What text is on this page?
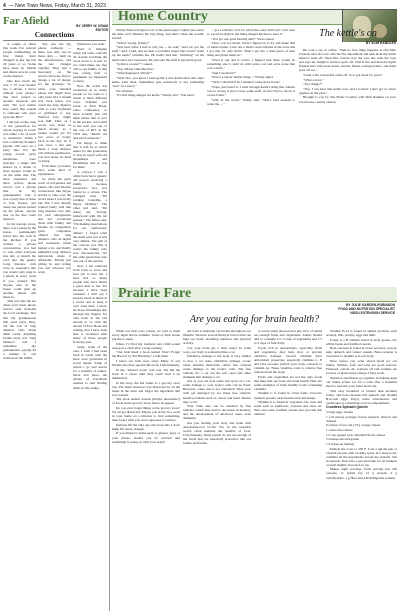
4 — New Town News, Friday, March 31, 2023
Far Afield	BY JERRY W. KRAM
EDITOR
Connections

A couple of times this week I've noticed people commenting on how things have changed in just the last 20 years or so. Some have been by friends and others were in posts on the internet.

One that struck me was a "If your mother has a phone, I know without your phone." She then turned to another character and said, "Do you realize how weird that sounds to someone who grew up in the 80s?"

I am just on the cusp of the generation for whom staying in touch was either a lot of work or expensive. When I was a child my mother's parents still were on a party line. For the young crowd, party telephones were typically a single line shared by a dozen or more houses would be on the same line. The most expensive and most private phone service was a private line. In my grandparents' case it was a party line of three or four houses, and when one person picked up the phone, anyone else on the line could listen in.

In my teenage years, there was a phone in the house, permanently wired into the wall in the kitchen. If you wanted a private conversation, you had to wait until everyone else left, or stretch the cord into the pantry. Long distance calls were so expensive that you would only plug in a phone in every room if you wanted. But anyone else in the house could pick up another phone and listen in.

That was also the era when your basic phone service only included the local exchange. Not that my grandparents still used party lines, but the cost of long distance calls made them costly. Anything farther away was "long distance" toll. I remember my grandparents paying $4 a minute to call relatives in the 1980s.

Yes, yes, the big phone company — there was only one in those days — built on the infrastructure, and the rate changes together. They had a monopoly on the service and were able to charge a lot of money for the privilege. So when your standard phone bill might have only been $12 a month way back when, you could use long distance calls to your boyfriend or girlfriend to say, Watford City, might cost $48. That, as I recall, was about as much money as a farmer would get for two acres of barley back in the day. So if you were a kid and made a long distance call without permission, you had better be dead or dying.

Even then, you better have some kind of explanation.

So when the great wave of cell phones and phone calls and internet connections like Skype started to take over the world when I was in my late 30s, I was already trained pretty well that long distance was only for real emergencies and not occasional chats with family and friends. As competition grew, companies offered free long distance calls on nights and weekends, which helped a lot, and finally unlimited long distance nationwide made it affordable. Finally just giving in and letting you call whoever you want.

Whenever you want.

Hard to imagine today, but video calls did all around watching the clock down to 9 p.m. so we could make our free call to our family or that rare young lady or gentleman we happened to fancy.

Now the world has connected us so many people so we want to a dozen or more different ways. Whether you tweet, or Face Book, video conference, or even actually just call them phone that is now in the pocket, not bolted to the wall you can, at the cost of RTT in the 1979 suit, "Reach out and touch someone."

I'm happy to think that it will be so much easier for this generation to stay in touch with old friendships and friendships that it was for mine.

A cartoon I saw a while back had a generic old person receiving a family because everyone's face was buried in a screen. The youngest said, "I'm wishing Grandma a happy birthday." The other kid said, "I'm doing my biology homework with my lab partner." The father said, "I'm making reservations for our anniversary dinner." I forgot what the mom said, but it was very similar. The gist of the cartoon was that it wasn't the family who was disconnected, but the older generation who was out of the picture.

Now I am removed from town to town and now job to new job. I have met so many people who have meant a great deal to me. Yet because I have been transient, I can't say I keep in touch as much as I could, and to keep it over even then, I know let those friendships slip through my fingers. It's only been in the last decade or so with the advent of Face Book and texting, that I have been able to reconnect with many of those people from my past.

Sadly, some of the ones I wish I had been back in touch with the most were gravitated in social media. Some of whom I go and search for a handful of names. More and more, the advent of FaceBook seemed to start finding them on life online.

Home Country
The kettle's on
BY SLIM RANDLES

Windy Wilson dropped over at the philosophy counter just about the time we'd finished the bag thing, and that's when the trouble started.

"What's wrong, Windy?"

"Was here feller I had to tell you ... he said, "And we got the stuff." And, I said, and we hear a screamer teapot that would "wake up the kettle" reminds me. He hadn't had that "whistling" on his kettle since he's been here. He just said the stuff is just plain good.

"Is that a rooster?" I asked.

"Yep. Windy talks like that."

"What happened, Windy?"

"Well, Doc, you know I been gettin' a new kettle since that other kettle went dead. Sometimes gets somebody to say something "nice" in a hurry."

We all knew.

"It's that thing-danged tea kettle," Windy said. "You know

... got a whistler on it for when the water boils up? Can't hear it. I gotta be right in the thing-danged kitchen to hear it."

"You got one gone hearing aids?" Steve asked.

"Naw, cost too much. What I figured is to try and make that ol' kettle louder. I saw one a them coach whistles in the store and I got that for only $3.50. Then I got me a little piece of tube thing and glued them on."

"Tried it out and it works. I figured that there would be something else I could do with some cost and extra noise that cost a buck."

"And I needed it?"

"Now's a whole 'nother thing..." Windy asked.

"Well, I should I'll be a shamed 'cause those horns"

"Nope, just heard it. I went through kettle's thing that whistle was so strong it had to have some stuff on and I had to shove it on the boiler."

"Why in the world," Windy said, "That's loud enough to wake the ... "

He took a sip of coffee. "Well-er, first thing happens is Old Man Johnson next door, he calls the fire department and tells them my kettle must've went off. Then Mrs. Garcia over the way, she calls the cops and says my neighbor alarm is goin' off. That is fire and then the lights flashed start with Lead down, and the Sirens waiting hollers, and them goes off too."

"I had a fire bound that came off. So it got stuck for good."

"What a story."

"Two things?"

"Yep. I can hear that kettle now, and I noticed I ain't got no more gophers in the yard."

Brought to you by The Home Country with Slim Randles on your local house country station.

Prairie Fare
BY JULIE GARDEN-ROBINSON
FOOD AND NUTRITION SPECIALIST
NDSU EXTENSION SERVICE
Are you eating for brain health?

When our kids were young, we read to them every night before bedtime. Some of their books put me to sleep.

Often, I'd find my husband and child sound asleep in a chair after a long evening.

"Our kids liked a book named 'Don't Forget the Bacon!' by Pat Hutchins," I told them.

I know our kids were okay. Many of our friends also have quoted this book. Unfortunately,

In the "tattered book" was lost. We hid the book in a closet until they could read it by themselves.

In the story, the kid walks to a grocery store trip. The main character was distracted by all the items in the store and forgot the ingredient that was wanted.

The book named dozens (maybe thousands?) of foods in the grocery store, hence its appeal.

Do you ever forget things at the grocery store? We all get distracted. Maybe you arrive in a room in your home on a mission to find something, then forget what you were supposed to retrieve.

Perhaps I'm the only one who does this. I don't think I'm alone, though.

If you misplace items such as glasses, keys or your phone, should you be worried that something is going on with your brain?

All want to maintain our brains throughout our lifetime. We have several lifestyle factors that can help our brain, including nutrition and physical activity.

Can your brain get a little rusty? In some ways, our body is somewhat like a car.

Oxidative damage to the body is very similar to how a car rusts. Oxidative damage occurs when harmful molecules called free radicals cause damage to the body's cells. The free radicals for a car are the salt, sand and other elements that damage a car.

Just as you can treat some rust spots on a car, some damage to your body's cells can be fixed. However, some rust is not alleviated. Were your cells get damaged by too many free radicals, health problems such as cancer and heart disease may occur.

Your brain also can be attacked by free radicals, which may lead to decreases in memory and the development of advanced cases, even dementia.

Are you feeding your body and brain with antioxidant-rich foods? We, in the nutrition world, often mention the benefits of food. Unfortunately, many people do not eat enough of the foods that are especially protective like our bodies and brains.

A recent study showed that just 10% of adults eat enough fruits and vegetables. Adults should aim to consume 2 to 3 cups of vegetables and 1.5 to 2 cups of fruit daily.

Foods rich in antioxidants, especially fruits and vegetables, may help slow or prevent oxidative damage. Several vitamins have antioxidant properties, especially vitamins C, E and beta-carotene (which your body converts to vitamin A). These vitamins work to remove free radicals from the body.

Fruits and vegetables are not the only foods that help fuel our body and brain health. Here are some examples of brain healthy foods containing vitamins:

Vitamin C is found in citrus fruits, broccoli, brussels sprouts, strawberries and cantaloupe.

Vitamin E is found in vegetable oils, nuts and seeds such as sunflower, soybean and olive oil. Nuts and some fortified cereals also provide this nutrient.

Vitamin B-12 is found in animal products such as meat, fish, poultry, eggs and milk.

Folate is a B vitamin found in leafy greens, dry edible beans and fortified cereals.

Beta-carotene is found in sweet potatoes, carrots, kale, spinach and winter squash. Beta-carotene is converted to vitamin A in our body.

Now, before you order sliced bread for our brains. Salmon, trout and tuna are good sources. Flaxseed, canola oil, soybean oil and walnuts are sources of plant-based omega-3 fatty acids.

Nutrition and fitness go together in helping keep our brains active. Go for a walk after a beautiful meal to exercise your brain and body.

This easy breakfast or brunch dish includes folate- and beta-carotene-rich spinach and vitamin B12-rich eggs. Enjoy some strawberries and cantaloupe as a nutritious rich accompaniment.

Crustless Spinach Quiche

5 large eggs, beaten

1 (10-ounce) package frozen spinach, thawed and drained

6 ounces of low-fat (1%) cottage cheese

1 ounce feta cheese

1/2 cup pepper jack, shredded Swiss cheese

2 tablespoons margarine

1/2 teaspoon nutmeg

Preheat the oven to 350 F. Coat a quiche pan or 10-inch pie pan with cooking spray. In a large bowl, combine all the ingredients except the spinach. Stir in spinach. Pour into a pan and bake for 45 minutes or until slightly browned on top.

Makes eight servings. Each serving has 160 calories, 11 grams fat, 12 g protein, 4 g carbohydrate, 1 g fiber and 340 milligrams sodium.
